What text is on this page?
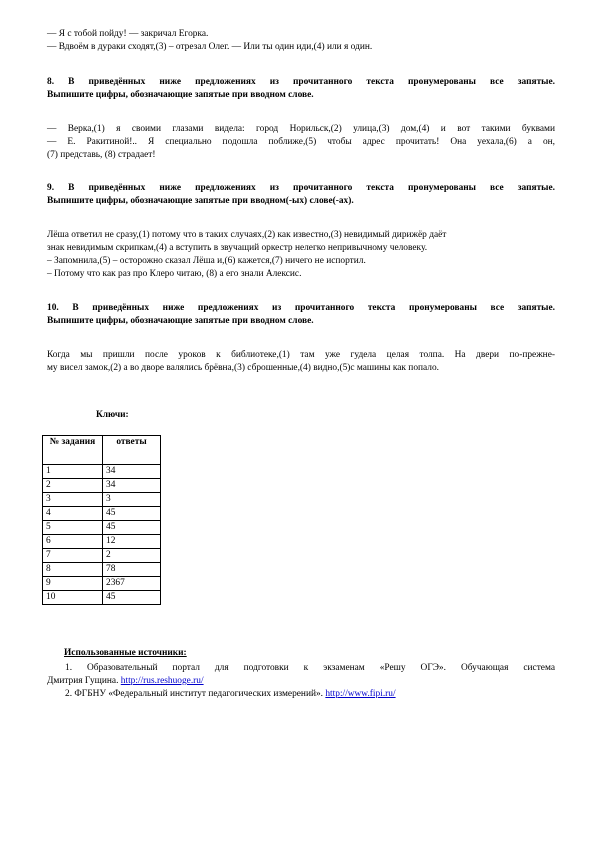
— Я с тобой пойду! — закричал Егорка.
— Вдвоём в дураки сходят,(3) – отрезал Олег. — Или ты один иди,(4) или я один.
8. В приведённых ниже предложениях из прочитанного текста пронумерованы все запятые.
Выпишите цифры, обозначающие запятые при вводном слове.
— Верка,(1) я своими глазами видела: город Норильск,(2) улица,(3) дом,(4) и вот такими буквами
— Е. Ракитиной!.. Я специально подошла поближе,(5) чтобы адрес прочитать! Она уехала,(6) а он,
(7) представь, (8) страдает!
9. В приведённых ниже предложениях из прочитанного текста пронумерованы все запятые.
Выпишите цифры, обозначающие запятые при вводном(-ых) слове(-ах).
Лёша ответил не сразу,(1) потому что в таких случаях,(2) как известно,(3) невидимый дирижёр даёт
знак невидимым скрипкам,(4) а вступить в звучащий оркестр нелегко непривычному человеку.
– Запомнила,(5) – осторожно сказал Лёша и,(6) кажется,(7) ничего не испортил.
– Потому что как раз про Клеро читаю, (8) а его знали Алексис.
10. В приведённых ниже предложениях из прочитанного текста пронумерованы все запятые.
Выпишите цифры, обозначающие запятые при вводном слове.
Когда мы пришли после уроков к библиотеке,(1) там уже гудела целая толпа. На двери по-прежне-
му висел замок,(2) а во дворе валялись брёвна,(3) сброшенные,(4) видно,(5)с машины как попало.
Ключи:
№ задания	ответы
1	34
2	34
3	3
4	45
5	45
6	12
7	2
8	78
9	2367
10	45
Использованные источники:
1. Образовательный портал для подготовки к экзаменам «Решу ОГЭ». Обучающая система
Дмитрия Гущина. http://rus.reshuoge.ru/
2. ФГБНУ «Федеральный институт педагогических измерений». http://www.fipi.ru/
